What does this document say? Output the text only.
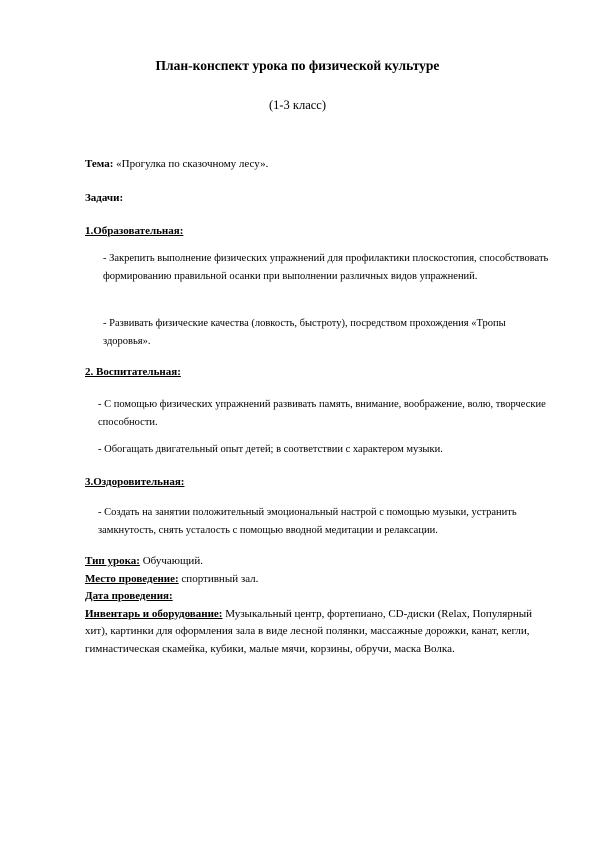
План-конспект урока по физической культуре

(1-3 класс)

Тема: «Прогулка по сказочному лесу».
Задачи:
1.Образовательная:
- Закрепить выполнение физических упражнений для профилактики плоскостопия, способствовать формированию правильной осанки при выполнении различных видов упражнений.
- Развивать физические качества (ловкость, быстроту), посредством прохождения «Тропы здоровья».
2. Воспитательная:
- С помощью физических упражнений развивать память, внимание, воображение, волю, творческие способности.
- Обогащать двигательный опыт детей; в соответствии с характером музыки.
3.Оздоровительная:
- Создать на занятии положительный эмоциональный настрой с помощью музыки, устранить замкнутость, снять усталость с помощью вводной медитации и релаксации.
Тип урока: Обучающий.
Место проведение: спортивный зал.
Дата проведения:
Инвентарь и оборудование: Музыкальный центр, фортепиано, CD-диски (Relax, Популярный хит), картинки для оформления зала в виде лесной полянки, массажные дорожки, канат, кегли, гимнастическая скамейка, кубики, малые мячи, корзины, обручи, маска Волка.
